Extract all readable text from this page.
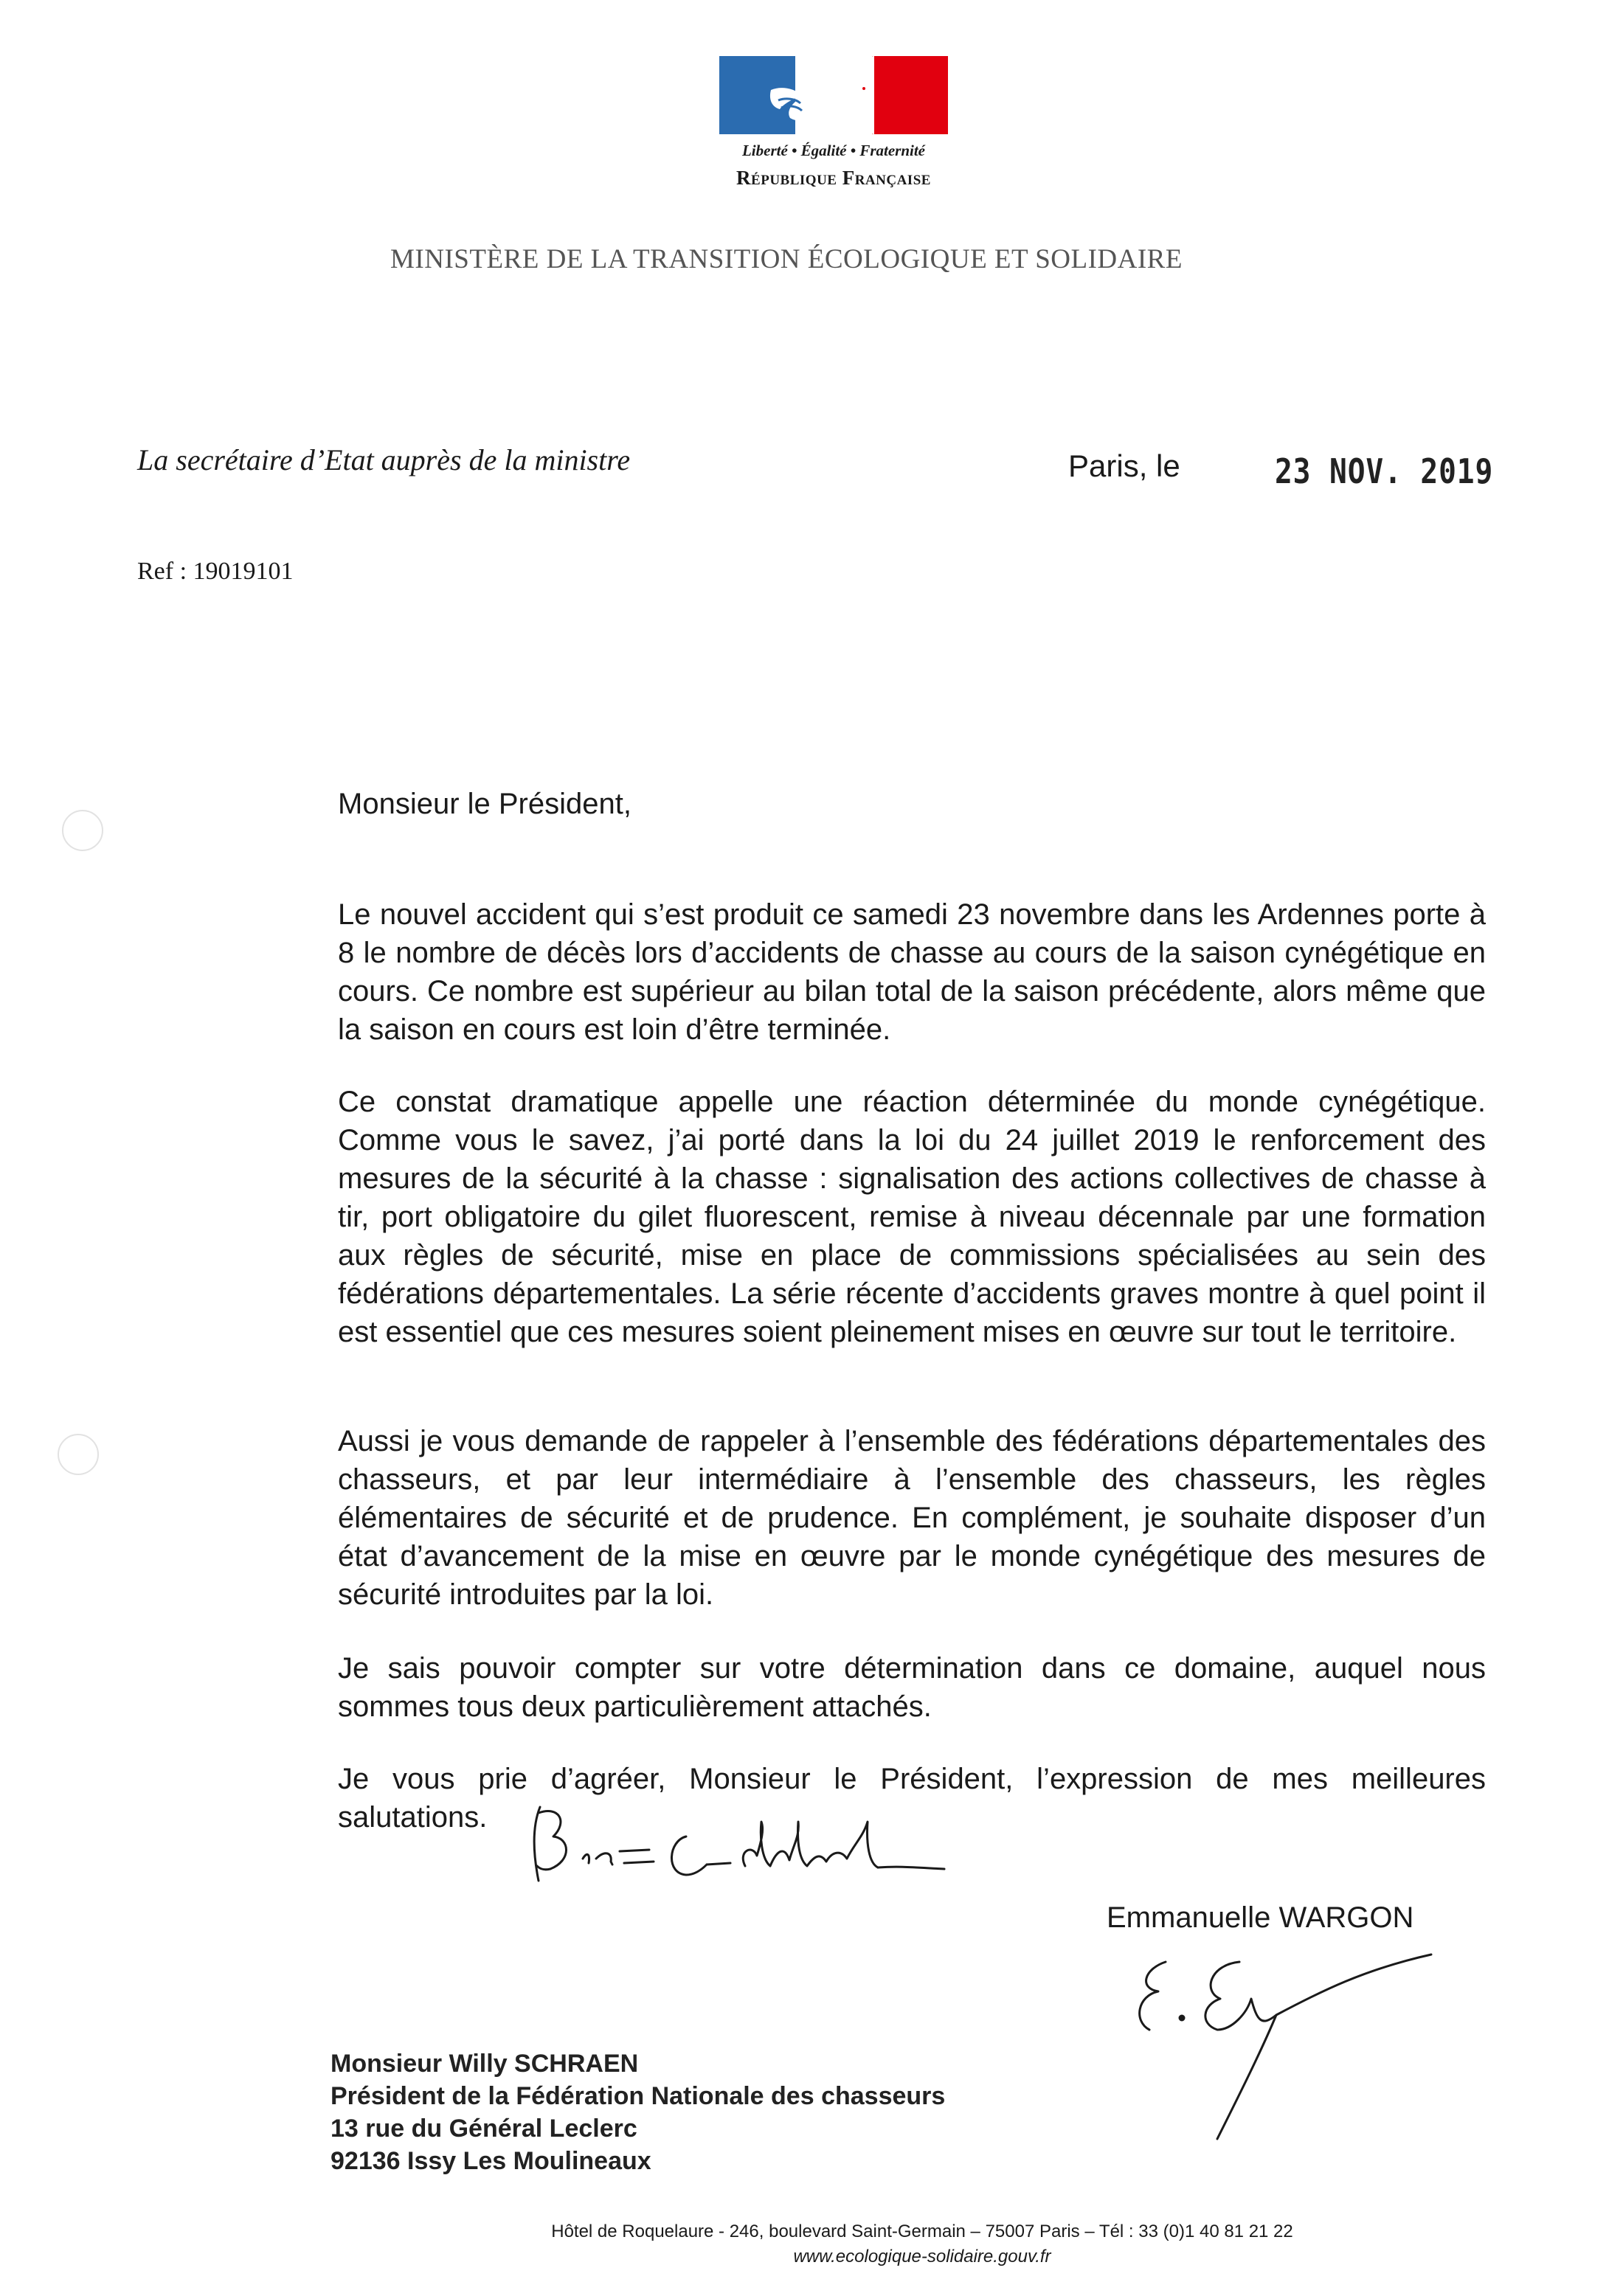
Liberté • Égalité • Fraternité
République Française
MINISTÈRE DE LA TRANSITION ÉCOLOGIQUE ET SOLIDAIRE
La secrétaire d’Etat auprès de la ministre	Paris, le	23 NOV. 2019
Ref : 19019101
Monsieur le Président,
Le nouvel accident qui s’est produit ce samedi 23 novembre dans les Ardennes porte à 8 le nombre de décès lors d’accidents de chasse au cours de la saison cynégétique en cours. Ce nombre est supérieur au bilan total de la saison précédente, alors même que la saison en cours est loin d’être terminée.
Ce constat dramatique appelle une réaction déterminée du monde cynégétique. Comme vous le savez, j’ai porté dans la loi du 24 juillet 2019 le renforcement des mesures de la sécurité à la chasse : signalisation des actions collectives de chasse à tir, port obligatoire du gilet fluorescent, remise à niveau décennale par une formation aux règles de sécurité, mise en place de commissions spécialisées au sein des fédérations départementales. La série récente d’accidents graves montre à quel point il est essentiel que ces mesures soient pleinement mises en œuvre sur tout le territoire.
Aussi je vous demande de rappeler à l’ensemble des fédérations départementales des chasseurs, et par leur intermédiaire à l’ensemble des chasseurs, les règles élémentaires de sécurité et de prudence. En complément, je souhaite disposer d’un état d’avancement de la mise en œuvre par le monde cynégétique des mesures de sécurité introduites par la loi.
Je sais pouvoir compter sur votre détermination dans ce domaine, auquel nous sommes tous deux particulièrement attachés.
Je vous prie d’agréer, Monsieur le Président, l’expression de mes meilleures salutations.
Emmanuelle WARGON
Monsieur Willy SCHRAEN
Président de la Fédération Nationale des chasseurs
13 rue du Général Leclerc
92136 Issy Les Moulineaux
Hôtel de Roquelaure - 246, boulevard Saint-Germain – 75007 Paris – Tél : 33 (0)1 40 81 21 22
www.ecologique-solidaire.gouv.fr
